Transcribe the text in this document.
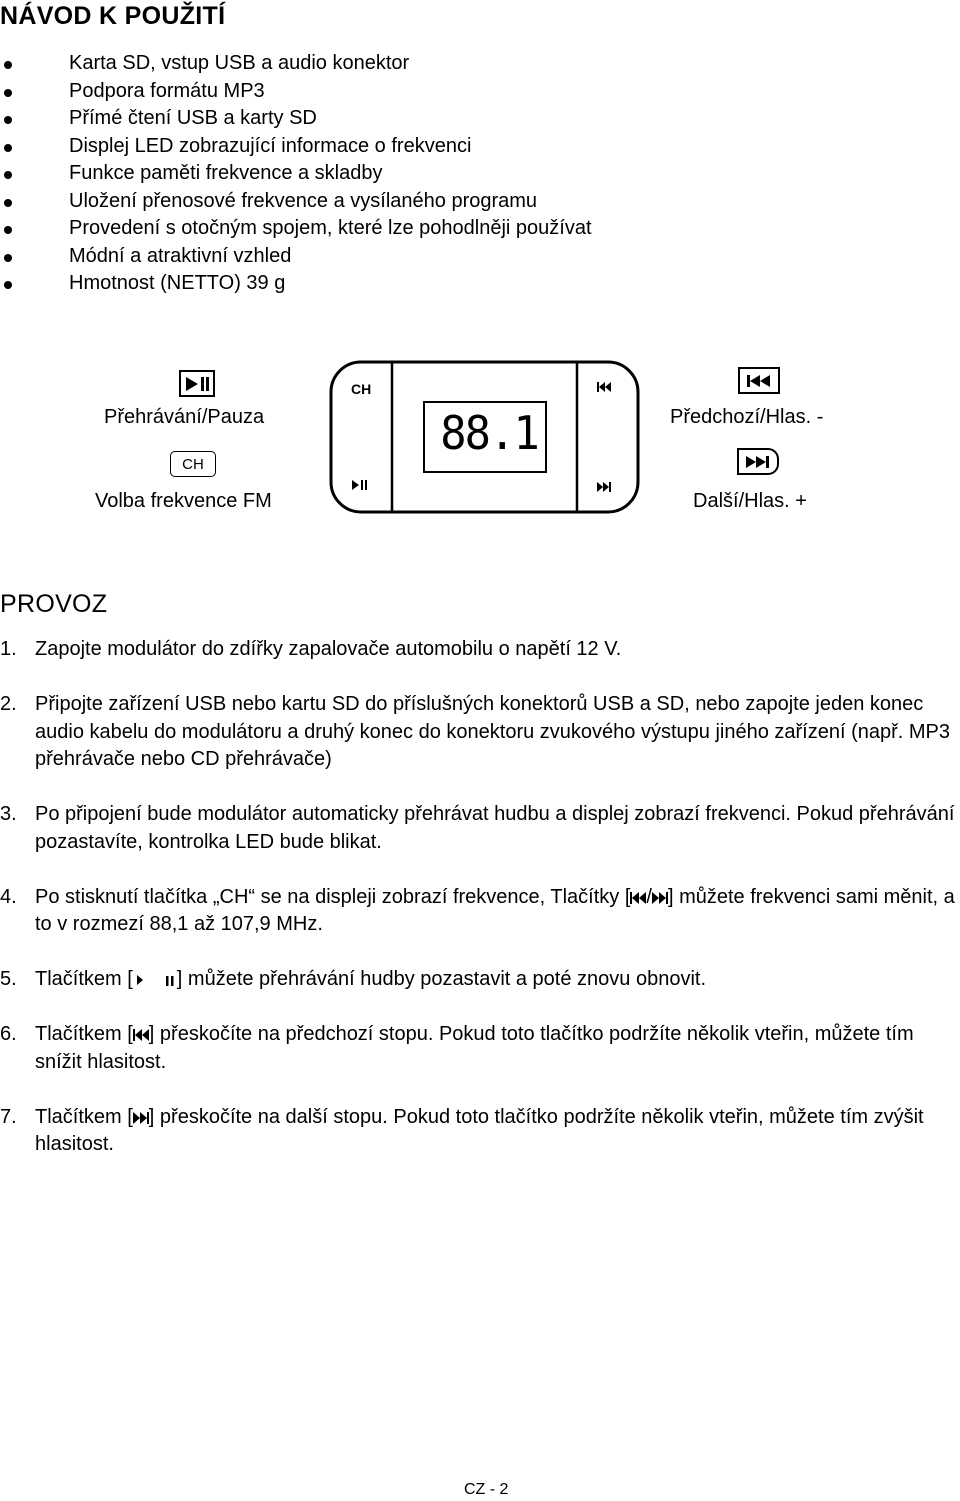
NÁVOD K POUŽITÍ
Karta SD, vstup USB a audio konektor
Podpora formátu MP3
Přímé čtení USB a karty SD
Displej LED zobrazující informace o frekvenci
Funkce paměti frekvence a skladby
Uložení přenosové frekvence a vysílaného programu
Provedení s otočným spojem, které lze pohodlněji používat
Módní a atraktivní vzhled
Hmotnost (NETTO) 39 g
Přehrávání/Pauza
CH
Volba frekvence FM
CH
88.1	Předchozí/Hlas. -
Další/Hlas. +
PROVOZ
1. Zapojte modulátor do zdířky zapalovače automobilu o napětí 12 V.
2. Připojte zařízení USB nebo kartu SD do příslušných konektorů USB a SD, nebo zapojte jeden konec audio kabelu do modulátoru a druhý konec do konektoru zvukového výstupu jiného zařízení (např. MP3 přehrávače nebo CD přehrávače)
3. Po připojení bude modulátor automaticky přehrávat hudbu a displej zobrazí frekvenci. Pokud přehrávání pozastavíte, kontrolka LED bude blikat.
4. Po stisknutí tlačítka „CH“ se na displeji zobrazí frekvence, Tlačítky [ / ] můžete frekvenci sami měnit, a to v rozmezí 88,1 až 107,9 MHz.
5. Tlačítkem [ ] můžete přehrávání hudby pozastavit a poté znovu obnovit.
6. Tlačítkem [ ] přeskočíte na předchozí stopu. Pokud toto tlačítko podržíte několik vteřin, můžete tím snížit hlasitost.
7. Tlačítkem [ ] přeskočíte na další stopu. Pokud toto tlačítko podržíte několik vteřin, můžete tím zvýšit hlasitost.
CZ - 2
